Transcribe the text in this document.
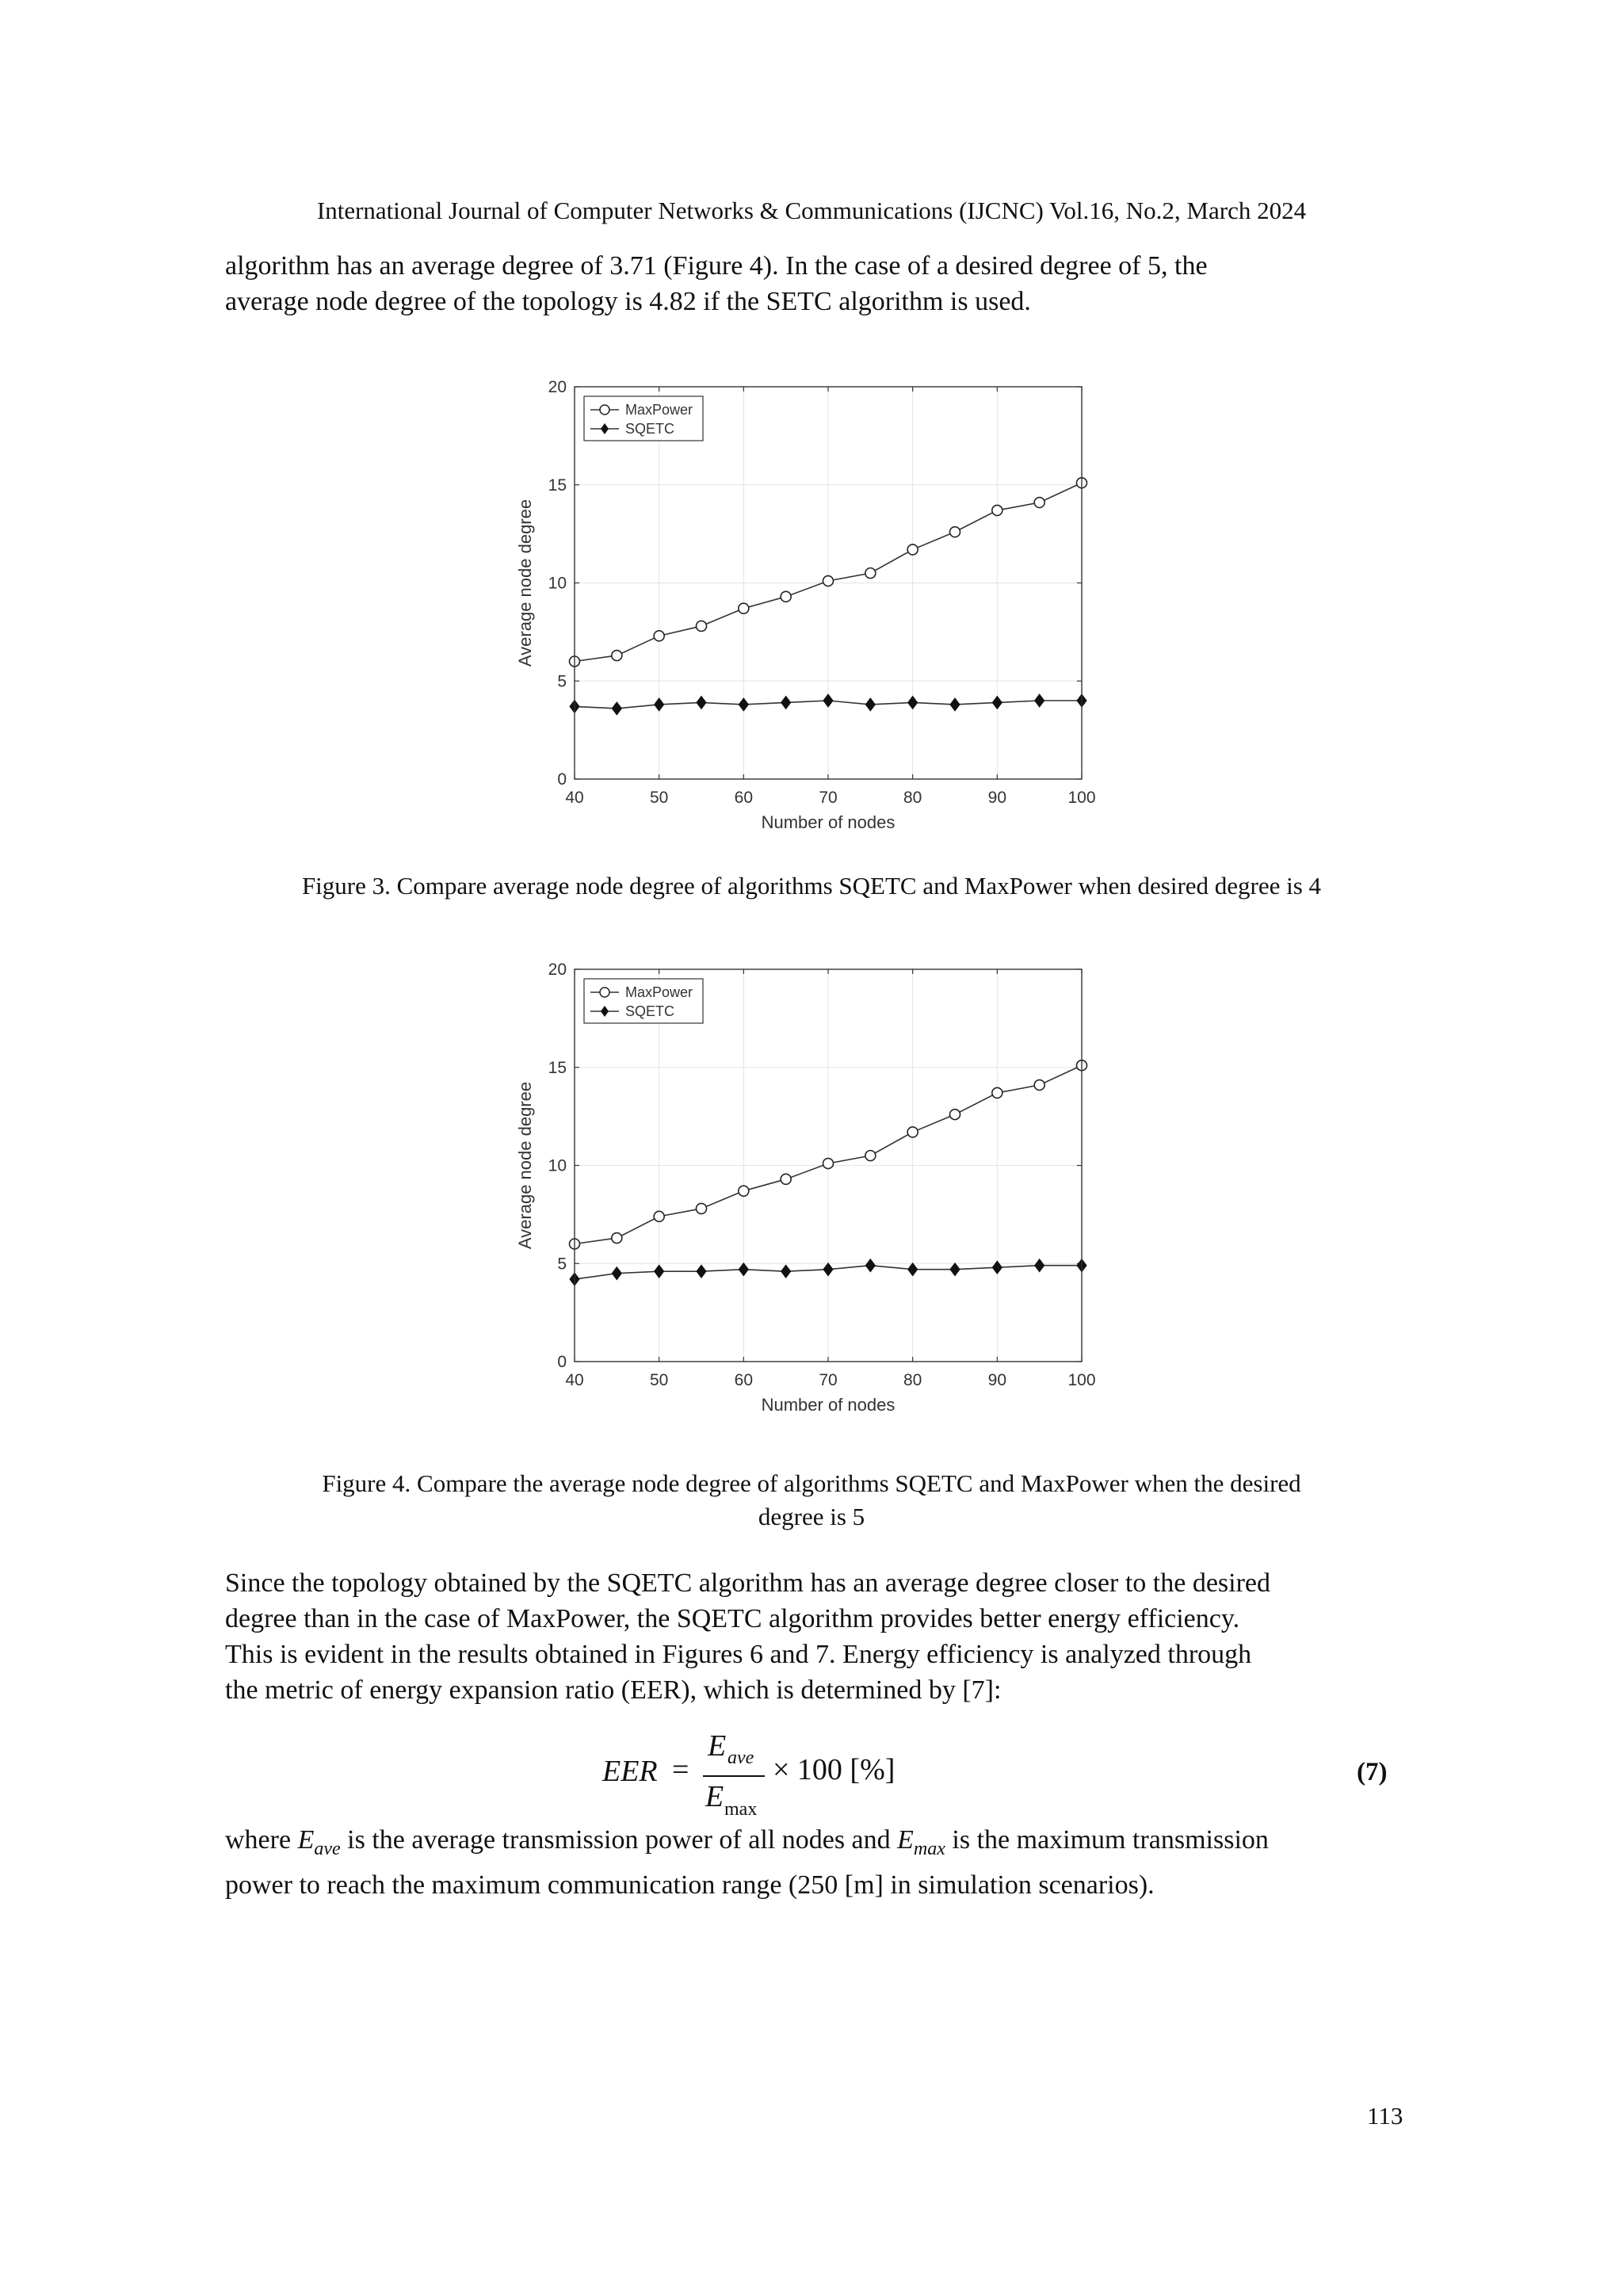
International Journal of Computer Networks & Communications (IJCNC) Vol.16, No.2, March 2024

algorithm has an average degree of 3.71 (Figure 4). In the case of a desired degree of 5, the

average node degree of the topology is 4.82 if the SETC algorithm is used.

40	50	60	70	80	90	100
0
5
10
15
20
Number of nodes
Average node degree
MaxPower
SQETC
Figure 3. Compare average node degree of algorithms SQETC and MaxPower when desired degree is 4
40	50	60	70	80	90	100
0
5
10
15
20
Number of nodes
Average node degree
MaxPower
SQETC
Figure 4. Compare the average node degree of algorithms SQETC and MaxPower when the desired
degree is 5

Since the topology obtained by the SQETC algorithm has an average degree closer to the desired

degree than in the case of MaxPower, the SQETC algorithm provides better energy efficiency.

This is evident in the results obtained in Figures 6 and 7. Energy efficiency is analyzed through

the metric of energy expansion ratio (EER), which is determined by [7]:

EER =
E ave
E max
× 100 [%]	(7)

where $E_{ave}$ is the average transmission power of all nodes and $E_{max}$ is the maximum transmission

power to reach the maximum communication range (250 [m] in simulation scenarios).

113
